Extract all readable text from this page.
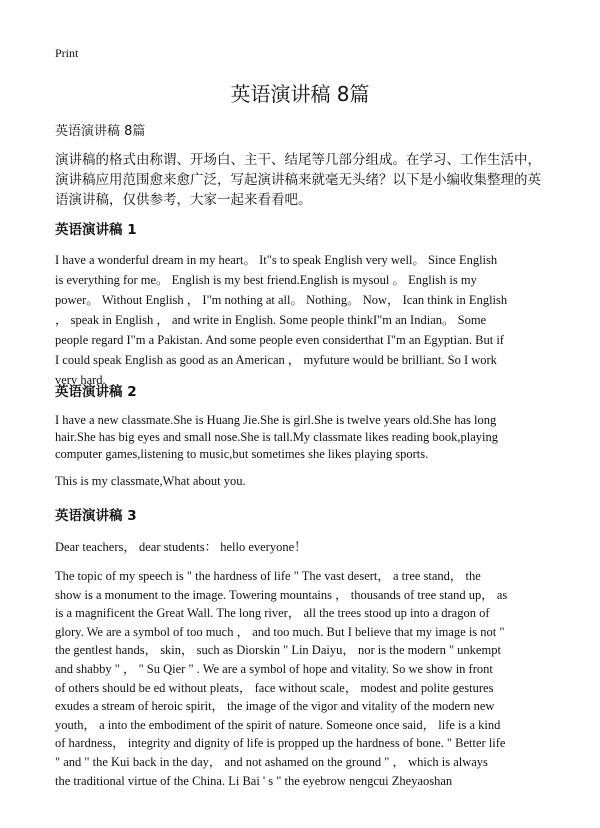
Print
英语演讲稿 8篇
英语演讲稿 8篇
演讲稿的格式由称谓、开场白、主干、结尾等几部分组成。在学习、工作生活中，
演讲稿应用范围愈来愈广泛，写起演讲稿来就毫无头绪？以下是小编收集整理的英
语演讲稿，仅供参考，大家一起来看看吧。
英语演讲稿 1
I have a wonderful dream in my heart。 It"s to speak English very well。 Since English
is everything for me。 English is my best friend.English is mysoul 。 English is my
power。 Without English ， I"m nothing at all。 Nothing。 Now， Ican think in English
， speak in English ， and write in English. Some people thinkI"m an Indian。 Some
people regard I"m a Pakistan. And some people even considerthat I"m an Egyptian. But if
I could speak English as good as an American ， myfuture would be brilliant. So I work
very hard.
英语演讲稿 2
I have a new classmate.She is Huang Jie.She is girl.She is twelve years old.She has long
hair.She has big eyes and small nose.She is tall.My classmate likes reading book,playing
computer games,listening to music,but sometimes she likes playing sports.
This is my classmate,What about you.
英语演讲稿 3
Dear teachers， dear students： hello everyone！
The topic of my speech is " the hardness of life " The vast desert， a tree stand， the
show is a monument to the image. Towering mountains ， thousands of tree stand up， as
is a magnificent the Great Wall. The long river， all the trees stood up into a dragon of
glory. We are a symbol of too much ， and too much. But I believe that my image is not "
the gentlest hands， skin， such as Diorskin " Lin Daiyu， nor is the modern " unkempt
and shabby " ， " Su Qier " . We are a symbol of hope and vitality. So we show in front
of others should be ed without pleats， face without scale， modest and polite gestures
exudes a stream of heroic spirit， the image of the vigor and vitality of the modern new
youth， a into the embodiment of the spirit of nature. Someone once said， life is a kind
of hardness， integrity and dignity of life is propped up the hardness of bone. " Better life
" and " the Kui back in the day， and not ashamed on the ground " ， which is always
the traditional virtue of the China. Li Bai ' s " the eyebrow nengcui Zheyaoshan
